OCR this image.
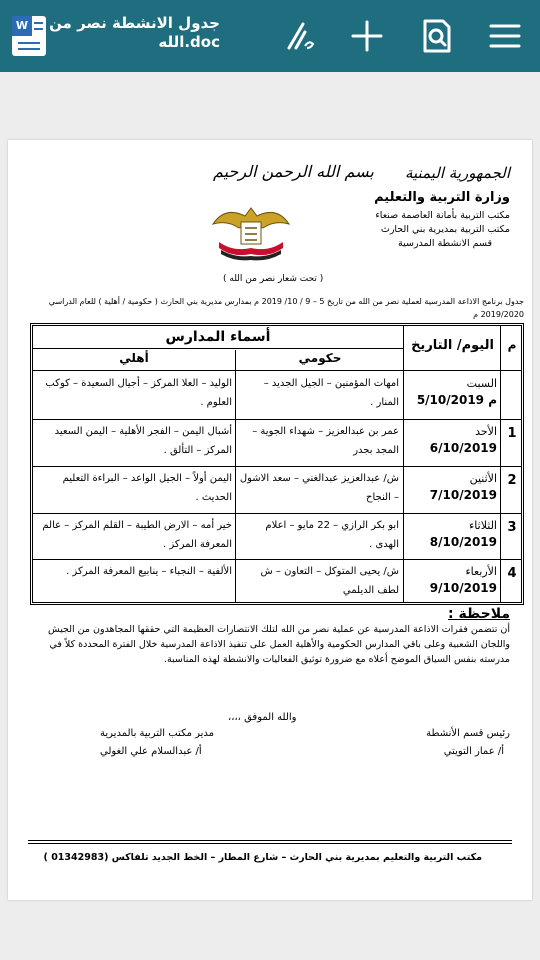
W جدول الانشطة نصر من
الله.doc
الجمهورية اليمنية
بسم الله الرحمن الرحيم
وزارة التربية والتعليم
مكتب التربية بأمانة العاصمة صنعاء
مكتب التربية بمديرية بني الحارث
قسم الانشطة المدرسية
( تحت شعار نصر من الله )
جدول برنامج الاذاعة المدرسية لعملية نصر من الله من تاريخ 5 – 9 / 10/ 2019 م بمدارس مديرية بني الحارث ( حكومية / أهلية ) للعام الدراسي 2019/2020 م
م
اليوم/ التاريخ
أسماء المدارس
حكومي
أهلي
السبت
5/10/2019 م
امهات المؤمنين – الجيل الجديد – المنار .
الوليد – العلا المركز – أجيال السعيدة – كوكب العلوم .
1
الأحد
6/10/2019
عمر بن عبدالعزيز – شهداء الجوية – المجد بجدر
أشبال اليمن – الفجر الأهلية – اليمن السعيد المركز – التألق .
2
الأثنين
7/10/2019
ش/ عبدالعزيز عبدالغني – سعد الاشول – النجاح
اليمن أولاً – الجيل الواعد – البراءة التعليم الحديث .
3
الثلاثاء
8/10/2019
ابو بكر الرازي – 22 مايو – اعلام الهدى .
خير أمه – الارض الطيبة – القلم المركز – عالم المعرفة المركز .
4
الأربعاء
9/10/2019
ش/ يحيى المتوكل – التعاون – ش لطف الديلمي
الألفية – النجباء – ينابيع المعرفة المركز .
ملاحظة :
أن تتضمن فقرات الاذاعة المدرسية عن عملية نصر من الله لتلك الانتصارات العظيمة التي حققها المجاهدون من الجيش واللجان الشعبية وعلى باقي المدارس الحكومية والأهلية العمل على تنفيذ الاذاعة المدرسية خلال الفترة المحددة كلاً في مدرسته بنفس السياق الموضح أعلاه مع ضرورة توثيق الفعاليات والانشطة لهذه المناسبة.
والله الموفق ،،،،
رئيس قسم الأنشطة
أ/ عمار التويتي
مدير مكتب التربية بالمديرية
أ/ عبدالسلام علي الغولي
مكتب التربية والتعليم بمديرية بني الحارث – شارع المطار – الخط الجديد تلفاكس (01342983 )
